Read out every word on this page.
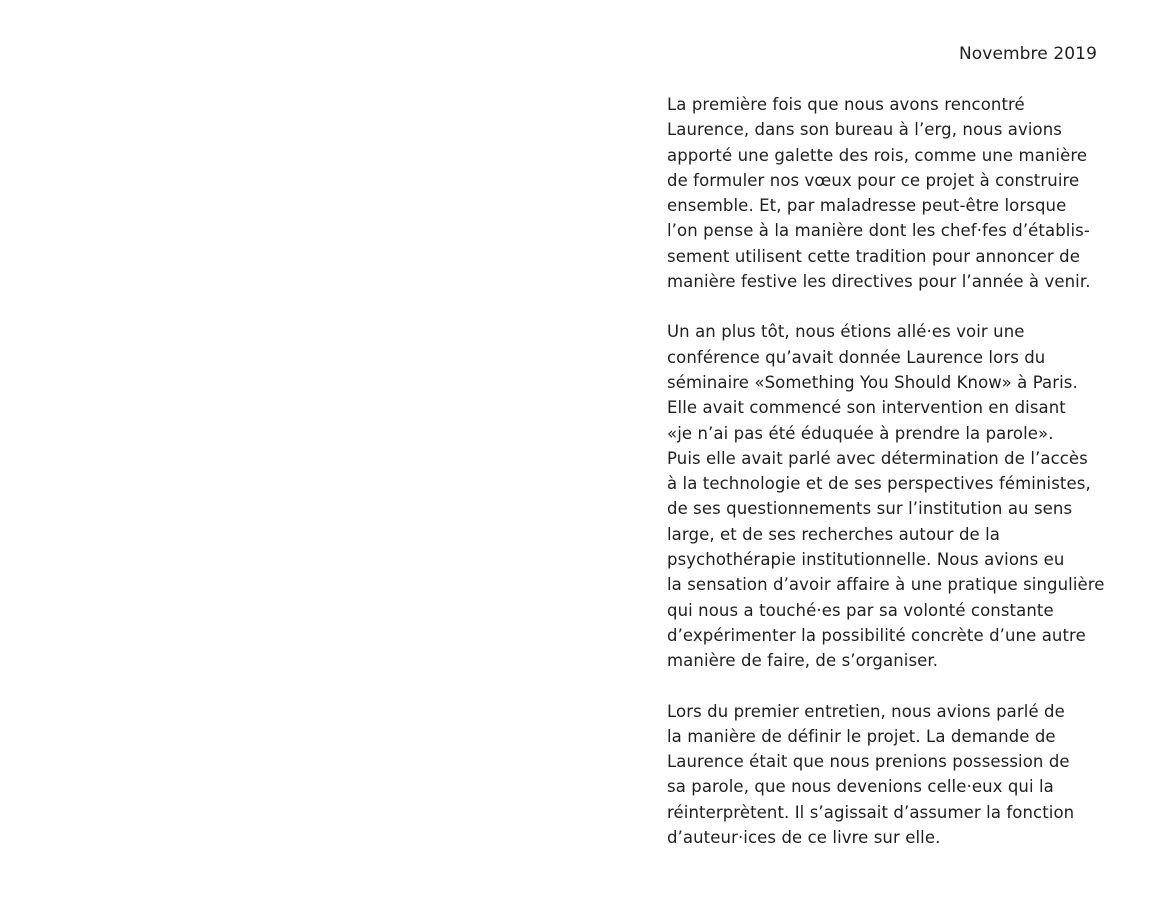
Novembre 2019
La première fois que nous avons rencontré
Laurence, dans son bureau à l’erg, nous avions
apporté une galette des rois, comme une manière
de formuler nos vœux pour ce projet à construire
ensemble. Et, par maladresse peut-être lorsque
l’on pense à la manière dont les chef·fes d’établis-
sement utilisent cette tradition pour annoncer de
manière festive les directives pour l’année à venir.
Un an plus tôt, nous étions allé·es voir une
conférence qu’avait donnée Laurence lors du
séminaire «Something You Should Know» à Paris.
Elle avait commencé son intervention en disant
«je n’ai pas été éduquée à prendre la parole».
Puis elle avait parlé avec détermination de l’accès
à la technologie et de ses perspectives féministes,
de ses questionnements sur l’institution au sens
large, et de ses recherches autour de la
psychothérapie institutionnelle. Nous avions eu
la sensation d’avoir affaire à une pratique singulière
qui nous a touché·es par sa volonté constante
d’expérimenter la possibilité concrète d’une autre
manière de faire, de s’organiser.
Lors du premier entretien, nous avions parlé de
la manière de définir le projet. La demande de
Laurence était que nous prenions possession de
sa parole, que nous devenions celle·eux qui la
réinterprètent. Il s’agissait d’assumer la fonction
d’auteur·ices de ce livre sur elle.
